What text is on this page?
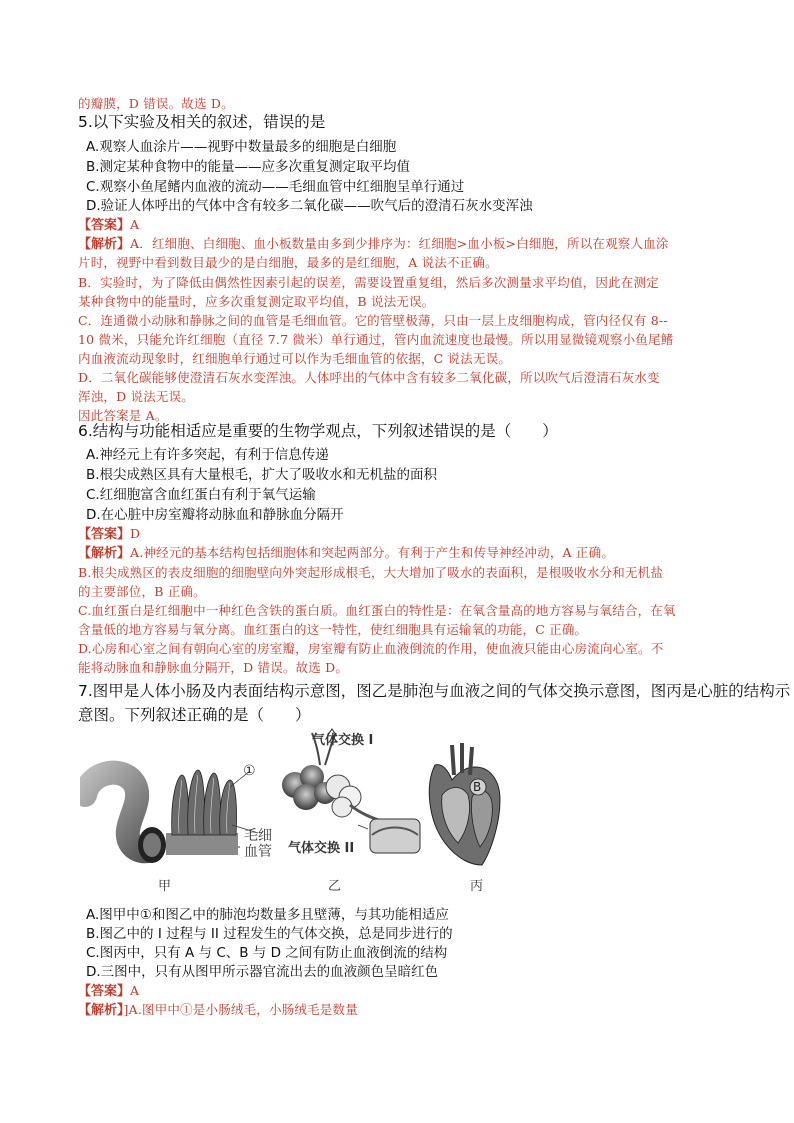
的瓣膜，D 错误。故选 D。
5.以下实验及相关的叙述，错误的是
A.观察人血涂片——视野中数量最多的细胞是白细胞
B.测定某种食物中的能量——应多次重复测定取平均值
C.观察小鱼尾鳍内血液的流动——毛细血管中红细胞呈单行通过
D.验证人体呼出的气体中含有较多二氧化碳——吹气后的澄清石灰水变浑浊
【答案】A
【解析】A．红细胞、白细胞、血小板数量由多到少排序为：红细胞>血小板>白细胞，所以在观察人血涂
片时，视野中看到数目最少的是白细胞，最多的是红细胞，A 说法不正确。
B．实验时，为了降低由偶然性因素引起的误差，需要设置重复组，然后多次测量求平均值，因此在测定
某种食物中的能量时，应多次重复测定取平均值，B 说法无误。
C．连通微小动脉和静脉之间的血管是毛细血管。它的管壁极薄，只由一层上皮细胞构成，管内径仅有 8--
10 微米，只能允许红细胞（直径 7.7 微米）单行通过，管内血流速度也最慢。所以用显微镜观察小鱼尾鳍
内血液流动现象时，红细胞单行通过可以作为毛细血管的依据，C 说法无误。
D．二氧化碳能够使澄清石灰水变浑浊。人体呼出的气体中含有较多二氧化碳，所以吹气后澄清石灰水变
浑浊，D 说法无误。
因此答案是 A。
6.结构与功能相适应是重要的生物学观点，下列叙述错误的是（　　）
A.神经元上有许多突起，有利于信息传递
B.根尖成熟区具有大量根毛，扩大了吸收水和无机盐的面积
C.红细胞富含血红蛋白有利于氧气运输
D.在心脏中房室瓣将动脉血和静脉血分隔开
【答案】D
【解析】A.神经元的基本结构包括细胞体和突起两部分。有利于产生和传导神经冲动，A 正确。
B.根尖成熟区的表皮细胞的细胞壁向外突起形成根毛，大大增加了吸水的表面积，是根吸收水分和无机盐
的主要部位，B 正确。
C.血红蛋白是红细胞中一种红色含铁的蛋白质。血红蛋白的特性是：在氧含量高的地方容易与氧结合，在氧
含量低的地方容易与氧分离。血红蛋白的这一特性，使红细胞具有运输氧的功能，C 正确。
D.心房和心室之间有朝向心室的房室瓣，房室瓣有防止血液倒流的作用，使血液只能由心房流向心室。不
能将动脉血和静脉血分隔开，D 错误。故选 D。
7.图甲是人体小肠及内表面结构示意图，图乙是肺泡与血液之间的气体交换示意图，图丙是心脏的结构示
意图。下列叙述正确的是（　　）
①
毛细
血管
气体交换 I
气体交换 II
B
甲	乙	丙
A.图甲中①和图乙中的肺泡均数量多且壁薄，与其功能相适应
B.图乙中的 I 过程与 II 过程发生的气体交换，总是同步进行的
C.图丙中，只有 A 与 C、B 与 D 之间有防止血液倒流的结构
D.三图中，只有从图甲所示器官流出去的血液颜色呈暗红色
【答案】A
【解析】]A.图甲中①是小肠绒毛，小肠绒毛是数量
